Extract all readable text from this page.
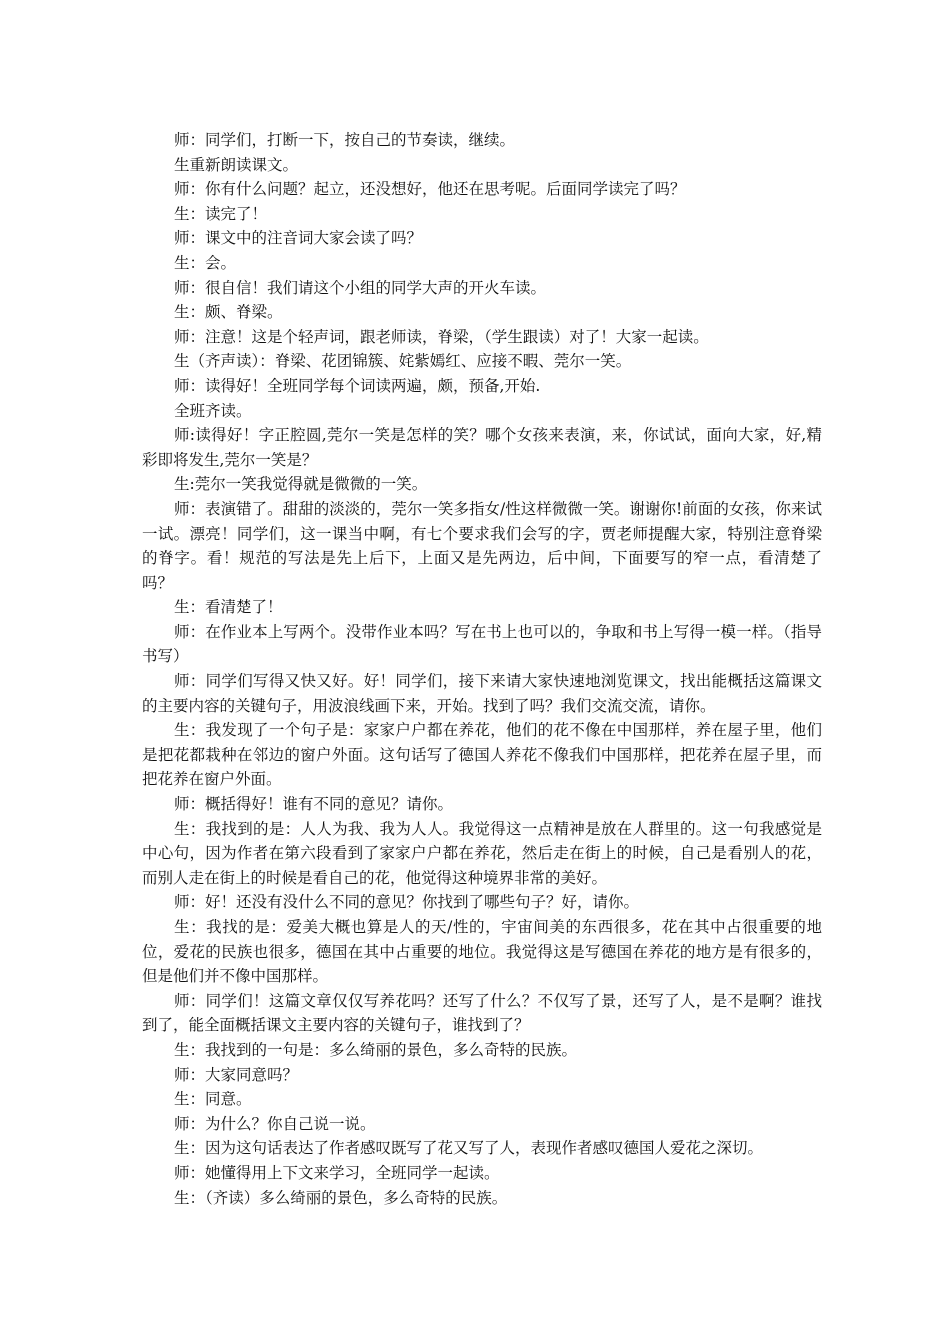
师：同学们，打断一下，按自己的节奏读，继续。

生重新朗读课文。

师：你有什么问题？起立，还没想好，他还在思考呢。后面同学读完了吗？

生：读完了！

师：课文中的注音词大家会读了吗？

生：会。

师：很自信！我们请这个小组的同学大声的开火车读。

生：颇、脊梁。

师：注意！这是个轻声词，跟老师读，脊梁，（学生跟读）对了！大家一起读。

生（齐声读）：脊梁、花团锦簇、姹紫嫣红、应接不暇、莞尔一笑。

师：读得好！全班同学每个词读两遍，颇，预备,开始.

全班齐读。

师:读得好！字正腔圆,莞尔一笑是怎样的笑？哪个女孩来表演，来，你试试，面向大家，好,精彩即将发生,莞尔一笑是？

生:莞尔一笑我觉得就是微微的一笑。

师：表演错了。甜甜的淡淡的，莞尔一笑多指女/性这样微微一笑。谢谢你!前面的女孩，你来试一试。漂亮！同学们，这一课当中啊，有七个要求我们会写的字，贾老师提醒大家，特别注意脊梁的脊字。看！规范的写法是先上后下，上面又是先两边，后中间，下面要写的窄一点，看清楚了吗？

生：看清楚了！

师：在作业本上写两个。没带作业本吗？写在书上也可以的，争取和书上写得一模一样。（指导书写）

师：同学们写得又快又好。好！同学们，接下来请大家快速地浏览课文，找出能概括这篇课文的主要内容的关键句子，用波浪线画下来，开始。找到了吗？我们交流交流，请你。

生：我发现了一个句子是：家家户户都在养花，他们的花不像在中国那样，养在屋子里，他们是把花都栽种在邻边的窗户外面。这句话写了德国人养花不像我们中国那样，把花养在屋子里，而把花养在窗户外面。

师：概括得好！谁有不同的意见？请你。

生：我找到的是：人人为我、我为人人。我觉得这一点精神是放在人群里的。这一句我感觉是中心句，因为作者在第六段看到了家家户户都在养花，然后走在街上的时候，自己是看别人的花，而别人走在街上的时候是看自己的花，他觉得这种境界非常的美好。

师：好！还没有没什么不同的意见？你找到了哪些句子？好，请你。

生：我找的是：爱美大概也算是人的天/性的，宇宙间美的东西很多，花在其中占很重要的地位，爱花的民族也很多，德国在其中占重要的地位。我觉得这是写德国在养花的地方是有很多的，但是他们并不像中国那样。

师：同学们！这篇文章仅仅写养花吗？还写了什么？不仅写了景，还写了人，是不是啊？谁找到了，能全面概括课文主要内容的关键句子，谁找到了？

生：我找到的一句是：多么绮丽的景色，多么奇特的民族。

师：大家同意吗？

生：同意。

师：为什么？你自己说一说。

生：因为这句话表达了作者感叹既写了花又写了人，表现作者感叹德国人爱花之深切。

师：她懂得用上下文来学习，全班同学一起读。

生：（齐读）多么绮丽的景色，多么奇特的民族。
